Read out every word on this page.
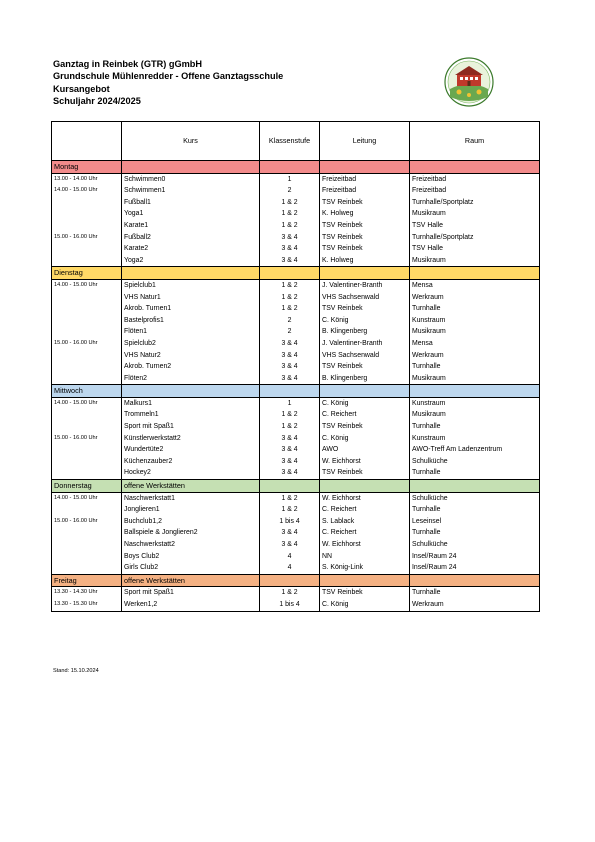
Ganztag in Reinbek (GTR) gGmbH
Grundschule Mühlenredder - Offene Ganztagsschule
Kursangebot
Schuljahr 2024/2025
	Kurs	Klassenstufe	Leitung	Raum
Montag				
13.00 - 14.00 Uhr	Schwimmen0	1	Freizeitbad	Freizeitbad
14.00 - 15.00 Uhr	Schwimmen1	2	Freizeitbad	Freizeitbad
	Fußball1	1 & 2	TSV Reinbek	Turnhalle/Sportplatz
	Yoga1	1 & 2	K. Holweg	Musikraum
	Karate1	1 & 2	TSV Reinbek	TSV Halle
15.00 - 16.00 Uhr	Fußball2	3 & 4	TSV Reinbek	Turnhalle/Sportplatz
	Karate2	3 & 4	TSV Reinbek	TSV Halle
	Yoga2	3 & 4	K. Holweg	Musikraum
Dienstag				
14.00 - 15.00 Uhr	Spielclub1	1 & 2	J. Valentiner-Branth	Mensa
	VHS Natur1	1 & 2	VHS Sachsenwald	Werkraum
	Akrob. Turnen1	1 & 2	TSV Reinbek	Turnhalle
	Bastelprofis1	2	C. König	Kunstraum
	Flöten1	2	B. Klingenberg	Musikraum
15.00 - 16.00 Uhr	Spielclub2	3 & 4	J. Valentiner-Branth	Mensa
	VHS Natur2	3 & 4	VHS Sachsenwald	Werkraum
	Akrob. Turnen2	3 & 4	TSV Reinbek	Turnhalle
	Flöten2	3 & 4	B. Klingenberg	Musikraum
Mittwoch				
14.00 - 15.00 Uhr	Malkurs1	1	C. König	Kunstraum
	Trommeln1	1 & 2	C. Reichert	Musikraum
	Sport mit Spaß1	1 & 2	TSV Reinbek	Turnhalle
15.00 - 16.00 Uhr	Künstlerwerkstatt2	3 & 4	C. König	Kunstraum
	Wundertüte2	3 & 4	AWO	AWO-Treff Am Ladenzentrum
	Küchenzauber2	3 & 4	W. Eichhorst	Schulküche
	Hockey2	3 & 4	TSV Reinbek	Turnhalle
Donnerstag	offene Werkstätten			
14.00 - 15.00 Uhr	Naschwerkstatt1	1 & 2	W. Eichhorst	Schulküche
	Jonglieren1	1 & 2	C. Reichert	Turnhalle
15.00 - 16.00 Uhr	Buchclub1,2	1 bis 4	S. Lablack	Leseinsel
	Ballspiele & Jonglieren2	3 & 4	C. Reichert	Turnhalle
	Naschwerkstatt2	3 & 4	W. Eichhorst	Schulküche
	Boys Club2	4	NN	Insel/Raum 24
	Girls Club2	4	S. König-Link	Insel/Raum 24
Freitag	offene Werkstätten			
13.30 - 14.30 Uhr	Sport mit Spaß1	1 & 2	TSV Reinbek	Turnhalle
13.30 - 15.30 Uhr	Werken1,2	1 bis 4	C. König	Werkraum
Stand: 15.10.2024
